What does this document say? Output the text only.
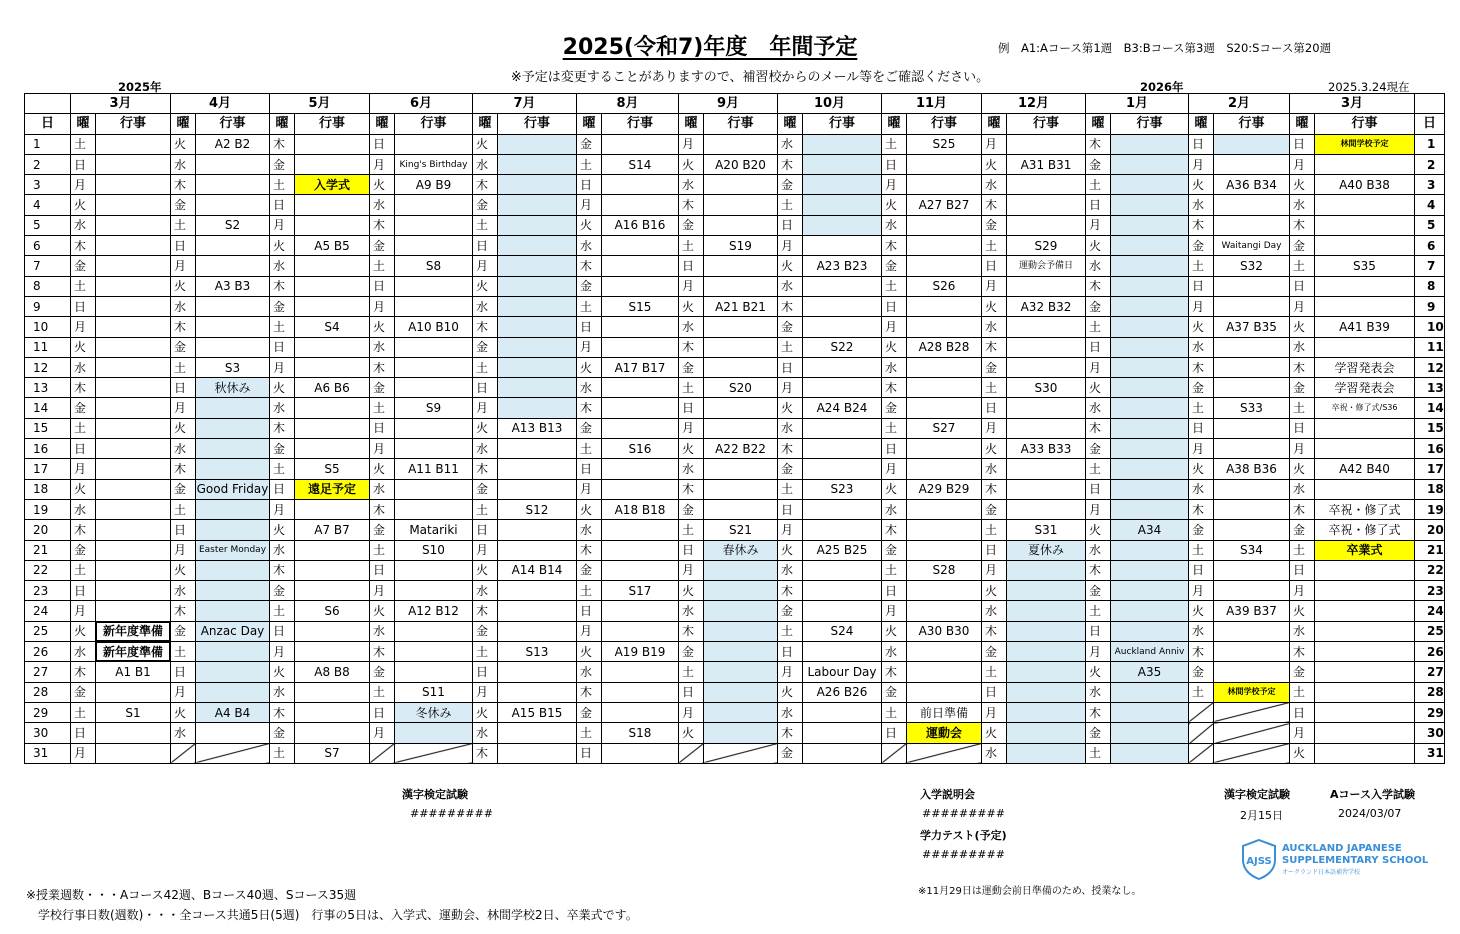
2025(令和7)年度　年間予定	例　A1:Aコース第1週　B3:Bコース第3週　S20:Sコース第20週
※予定は変更することがありますので、補習校からのメール等をご確認ください。
2025年	2026年	2025.3.24現在
	3月		4月		5月		6月		7月		8月		9月		10月		11月		12月		1月		2月		3月		
日	曜	行事	曜	行事	曜	行事	曜	行事	曜	行事	曜	行事	曜	行事	曜	行事	曜	行事	曜	行事	曜	行事	曜	行事	曜	行事	日
1	土		火	A2 B2	木		日		火		金		月		水		土	S25	月		木		日		日	林間学校予定	1
2	日		水		金		月	King's Birthday	水		土	S14	火	A20 B20	木		日		火	A31 B31	金		月		月		2
3	月		木		土	入学式	火	A9 B9	木		日		水		金		月		水		土		火	A36 B34	火	A40 B38	3
4	火		金		日		水		金		月		木		土		火	A27 B27	木		日		水		水		4
5	水		土	S2	月		木		土		火	A16 B16	金		日		水		金		月		木		木		5
6	木		日		火	A5 B5	金		日		水		土	S19	月		木		土	S29	火		金	Waitangi Day	金		6
7	金		月		水		土	S8	月		木		日		火	A23 B23	金		日	運動会予備日	水		土	S32	土	S35	7
8	土		火	A3 B3	木		日		火		金		月		水		土	S26	月		木		日		日		8
9	日		水		金		月		水		土	S15	火	A21 B21	木		日		火	A32 B32	金		月		月		9
10	月		木		土	S4	火	A10 B10	木		日		水		金		月		水		土		火	A37 B35	火	A41 B39	10
11	火		金		日		水		金		月		木		土	S22	火	A28 B28	木		日		水		水		11
12	水		土	S3	月		木		土		火	A17 B17	金		日		水		金		月		木		木	学習発表会	12
13	木		日	秋休み	火	A6 B6	金		日		水		土	S20	月		木		土	S30	火		金		金	学習発表会	13
14	金		月		水		土	S9	月		木		日		火	A24 B24	金		日		水		土	S33	土	卒祝・修了式/S36	14
15	土		火		木		日		火	A13 B13	金		月		水		土	S27	月		木		日		日		15
16	日		水		金		月		水		土	S16	火	A22 B22	木		日		火	A33 B33	金		月		月		16
17	月		木		土	S5	火	A11 B11	木		日		水		金		月		水		土		火	A38 B36	火	A42 B40	17
18	火		金	Good Friday	日	遠足予定	水		金		月		木		土	S23	火	A29 B29	木		日		水		水		18
19	水		土		月		木		土	S12	火	A18 B18	金		日		水		金		月		木		木	卒祝・修了式	19
20	木		日		火	A7 B7	金	Matariki	日		水		土	S21	月		木		土	S31	火	A34	金		金	卒祝・修了式	20
21	金		月	Easter Monday	水		土	S10	月		木		日	春休み	火	A25 B25	金		日	夏休み	水		土	S34	土	卒業式	21
22	土		火		木		日		火	A14 B14	金		月		水		土	S28	月		木		日		日		22
23	日		水		金		月		水		土	S17	火		木		日		火		金		月		月		23
24	月		木		土	S6	火	A12 B12	木		日		水		金		月		水		土		火	A39 B37	火		24
25	火	新年度準備	金	Anzac Day	日		水		金		月		木		土	S24	火	A30 B30	木		日		水		水		25
26	水	新年度準備	土		月		木		土	S13	火	A19 B19	金		日		水		金		月	Auckland Anniv	木		木		26
27	木	A1 B1	日		火	A8 B8	金		日		水		土		月	Labour Day	木		土		火	A35	金		金		27
28	金		月		水		土	S11	月		木		日		火	A26 B26	金		日		水		土	林間学校予定	土		28
29	土	S1	火	A4 B4	木		日	冬休み	火	A15 B15	金		月		水		土	前日準備	月		木				日		29
30	日		水		金		月		水		土	S18	火		木		日	運動会	火		金				月		30
31	月				土	S7			木		日				金				水		土				火		31
漢字検定試験
#########
入学説明会
#########
学力テスト(予定)
#########
※11月29日は運動会前日準備のため、授業なし。
漢字検定試験
2月15日
Aコース入学試験
2024/03/07
AJSS
AUCKLAND JAPANESE
SUPPLEMENTARY SCHOOL
オークランド日本語補習学校
※授業週数・・・Aコース42週、Bコース40週、Sコース35週
学校行事日数(週数)・・・全コース共通5日(5週)　行事の5日は、入学式、運動会、林間学校2日、卒業式です。
